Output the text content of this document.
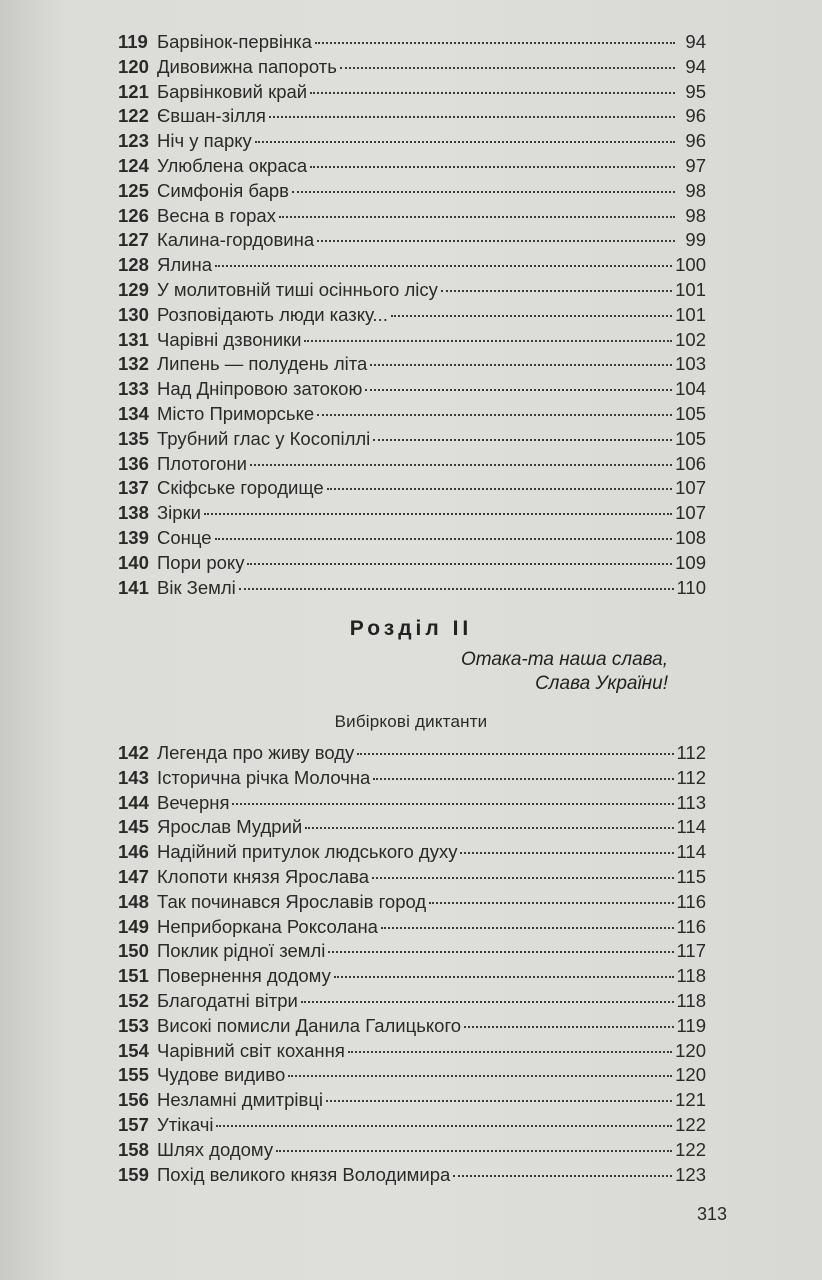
119 Барвінок-первінка	94
120 Дивовижна папороть	94
121 Барвінковий край	95
122 Євшан-зілля	96
123 Ніч у парку	96
124 Улюблена окраса	97
125 Симфонія барв	98
126 Весна в горах	98
127 Калина-гордовина	99
128 Ялина	100
129 У молитовній тиші осіннього лісу	101
130 Розповідають люди казку...	101
131 Чарівні дзвоники	102
132 Липень — полудень літа	103
133 Над Дніпровою затокою	104
134 Місто Приморське	105
135 Трубний глас у Косопіллі	105
136 Плотогони	106
137 Скіфське городище	107
138 Зірки	107
139 Сонце	108
140 Пори року	109
141 Вік Землі	110
Розділ II
Отака-та наша слава,
Слава України!
Вибіркові диктанти
142 Легенда про живу воду	112
143 Історична річка Молочна	112
144 Вечерня	113
145 Ярослав Мудрий	114
146 Надійний притулок людського духу	114
147 Клопоти князя Ярослава	115
148 Так починався Ярославів город	116
149 Неприборкана Роксолана	116
150 Поклик рідної землі	117
151 Повернення додому	118
152 Благодатні вітри	118
153 Високі помисли Данила Галицького	119
154 Чарівний світ кохання	120
155 Чудове видиво	120
156 Незламні дмитрівці	121
157 Утікачі	122
158 Шлях додому	122
159 Похід великого князя Володимира	123
313
